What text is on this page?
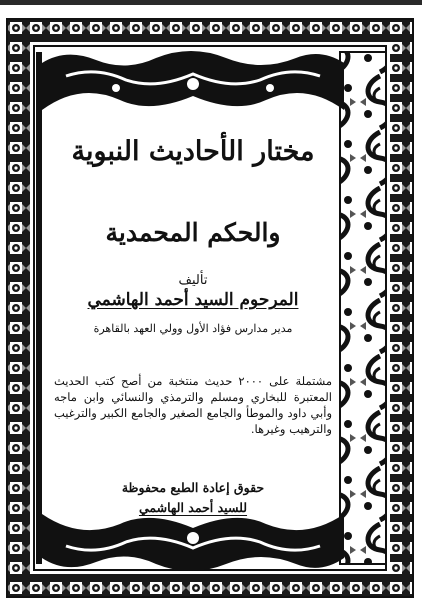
مختار الأحاديث النبوية
والحكم المحمدية
تأليف
المرحوم السيد أحمد الهاشمي
مدير مدارس فؤاد الأول وولي العهد بالقاهرة
مشتملة على ٢٠٠٠ حديث منتخبة من أصح كتب الحديث المعتبرة للبخاري ومسلم والترمذي والنسائي وابن ماجه وأبي داود والموطأ والجامع الصغير والجامع الكبير والترغيب والترهيب وغيرها.
حقوق إعادة الطبع محفوظة
للسيد أحمد الهاشمي
